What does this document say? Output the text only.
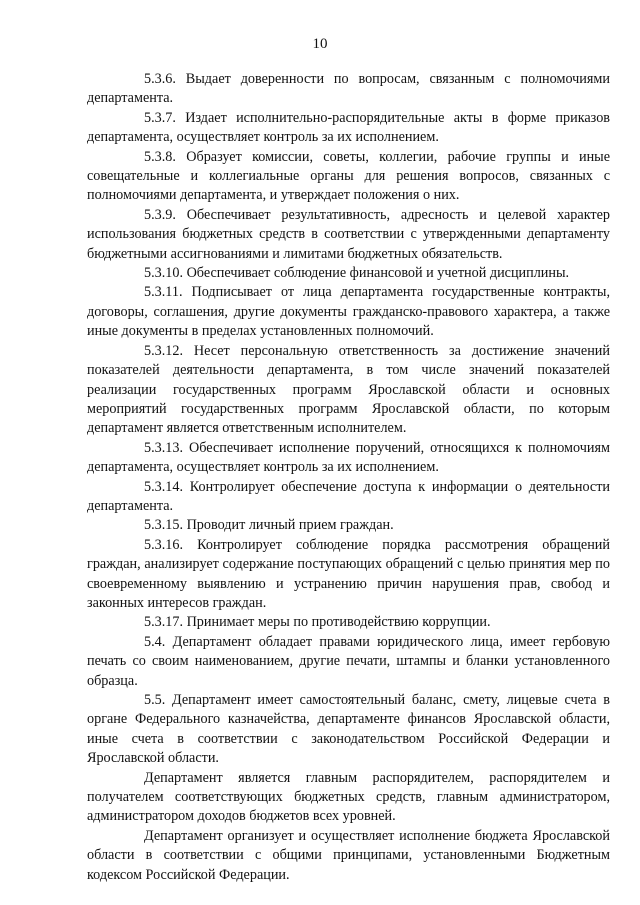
10

5.3.6. Выдает доверенности по вопросам, связанным с полномочиями департамента.

5.3.7. Издает исполнительно-распорядительные акты в форме приказов департамента, осуществляет контроль за их исполнением.

5.3.8. Образует комиссии, советы, коллегии, рабочие группы и иные совещательные и коллегиальные органы для решения вопросов, связанных с полномочиями департамента, и утверждает положения о них.

5.3.9. Обеспечивает результативность, адресность и целевой характер использования бюджетных средств в соответствии с утвержденными департаменту бюджетными ассигнованиями и лимитами бюджетных обязательств.

5.3.10. Обеспечивает соблюдение финансовой и учетной дисциплины.

5.3.11. Подписывает от лица департамента государственные контракты, договоры, соглашения, другие документы гражданско-правового характера, а также иные документы в пределах установленных полномочий.

5.3.12. Несет персональную ответственность за достижение значений показателей деятельности департамента, в том числе значений показателей реализации государственных программ Ярославской области и основных мероприятий государственных программ Ярославской области, по которым департамент является ответственным исполнителем.

5.3.13. Обеспечивает исполнение поручений, относящихся к полномочиям департамента, осуществляет контроль за их исполнением.

5.3.14. Контролирует обеспечение доступа к информации о деятельности департамента.

5.3.15. Проводит личный прием граждан.

5.3.16. Контролирует соблюдение порядка рассмотрения обращений граждан, анализирует содержание поступающих обращений с целью принятия мер по своевременному выявлению и устранению причин нарушения прав, свобод и законных интересов граждан.

5.3.17. Принимает меры по противодействию коррупции.

5.4. Департамент обладает правами юридического лица, имеет гербовую печать со своим наименованием, другие печати, штампы и бланки установленного образца.

5.5. Департамент имеет самостоятельный баланс, смету, лицевые счета в органе Федерального казначейства, департаменте финансов Ярославской области, иные счета в соответствии с законодательством Российской Федерации и Ярославской области.

Департамент является главным распорядителем, распорядителем и получателем соответствующих бюджетных средств, главным администратором, администратором доходов бюджетов всех уровней.

Департамент организует и осуществляет исполнение бюджета Ярославской области в соответствии с общими принципами, установленными Бюджетным кодексом Российской Федерации.
